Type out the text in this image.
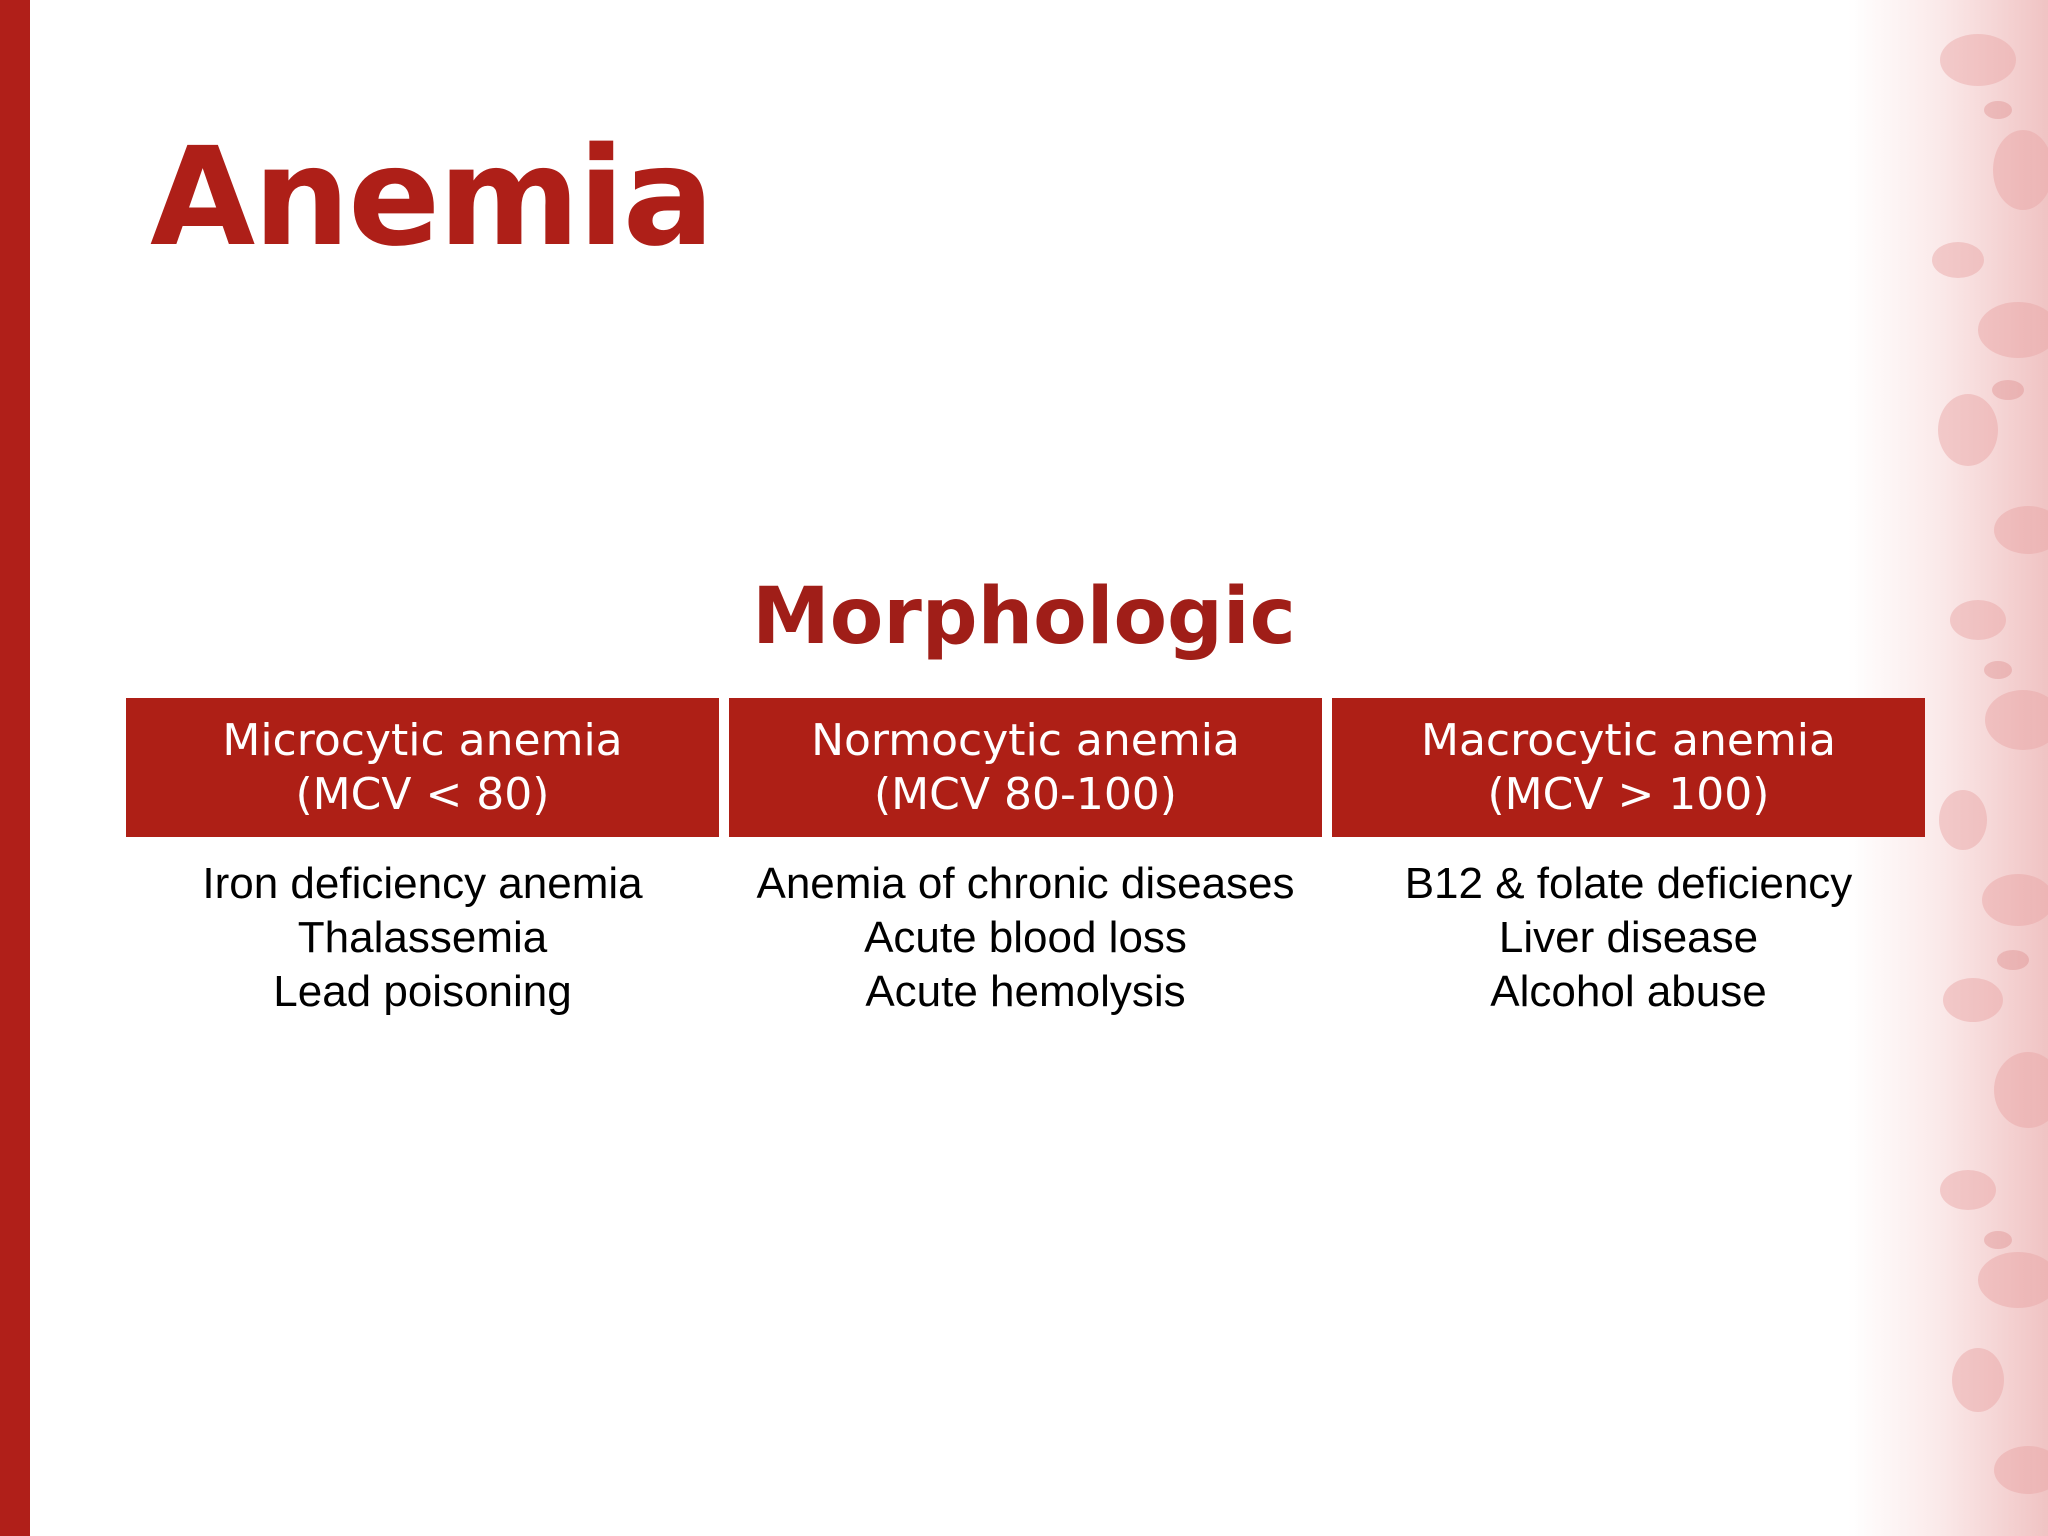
Anemia
Morphologic
Microcytic anemia
(MCV < 80)
Iron deficiency anemia
Thalassemia
Lead poisoning
Normocytic anemia
(MCV 80-100)
Anemia of chronic diseases
Acute blood loss
Acute hemolysis
Macrocytic anemia
(MCV > 100)
B12 & folate deficiency
Liver disease
Alcohol abuse
